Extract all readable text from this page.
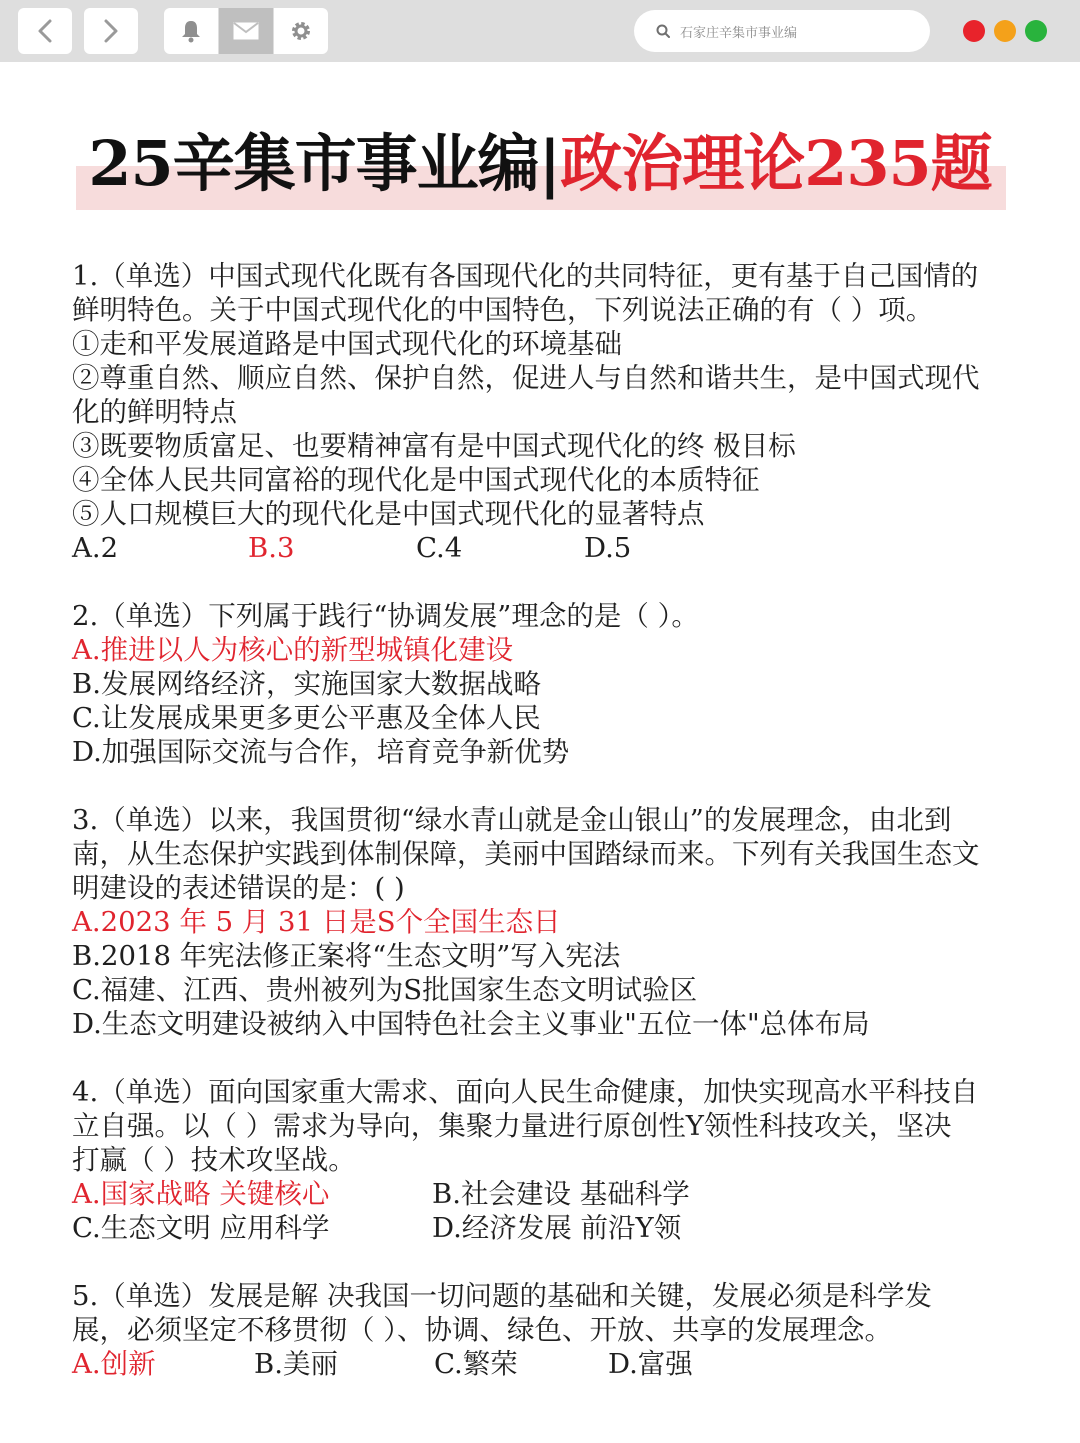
石家庄辛集市事业编
25辛集市事业编|政治理论235题
1.（单选）中国式现代化既有各国现代化的共同特征，更有基于自己国情的
鲜明特色。关于中国式现代化的中国特色，下列说法正确的有（ ）项。
①走和平发展道路是中国式现代化的环境基础
②尊重自然、顺应自然、保护自然，促进人与自然和谐共生，是中国式现代
化的鲜明特点
③既要物质富足、也要精神富有是中国式现代化的终 极目标
④全体人民共同富裕的现代化是中国式现代化的本质特征
⑤人口规模巨大的现代化是中国式现代化的显著特点
A.2	B.3	C.4	D.5
2.（单选）下列属于践行“协调发展”理念的是（ ）。
A.推进以人为核心的新型城镇化建设
B.发展网络经济，实施国家大数据战略
C.让发展成果更多更公平惠及全体人民
D.加强国际交流与合作，培育竞争新优势
3.（单选）以来，我国贯彻“绿水青山就是金山银山”的发展理念，由北到
南，从生态保护实践到体制保障，美丽中国踏绿而来。下列有关我国生态文
明建设的表述错误的是：( )
A.2023 年 5 月 31 日是S个全国生态日
B.2018 年宪法修正案将“生态文明”写入宪法
C.福建、江西、贵州被列为S批国家生态文明试验区
D.生态文明建设被纳入中国特色社会主义事业"五位一体"总体布局
4.（单选）面向国家重大需求、面向人民生命健康，加快实现高水平科技自
立自强。以（ ）需求为导向，集聚力量进行原创性Y领性科技攻关，坚决
打赢（ ）技术攻坚战。
A.国家战略 关键核心	B.社会建设 基础科学
C.生态文明 应用科学	D.经济发展 前沿Y领
5.（单选）发展是解 决我国一切问题的基础和关键，发展必须是科学发
展，必须坚定不移贯彻（ ）、协调、绿色、开放、共享的发展理念。
A.创新	B.美丽	C.繁荣	D.富强
